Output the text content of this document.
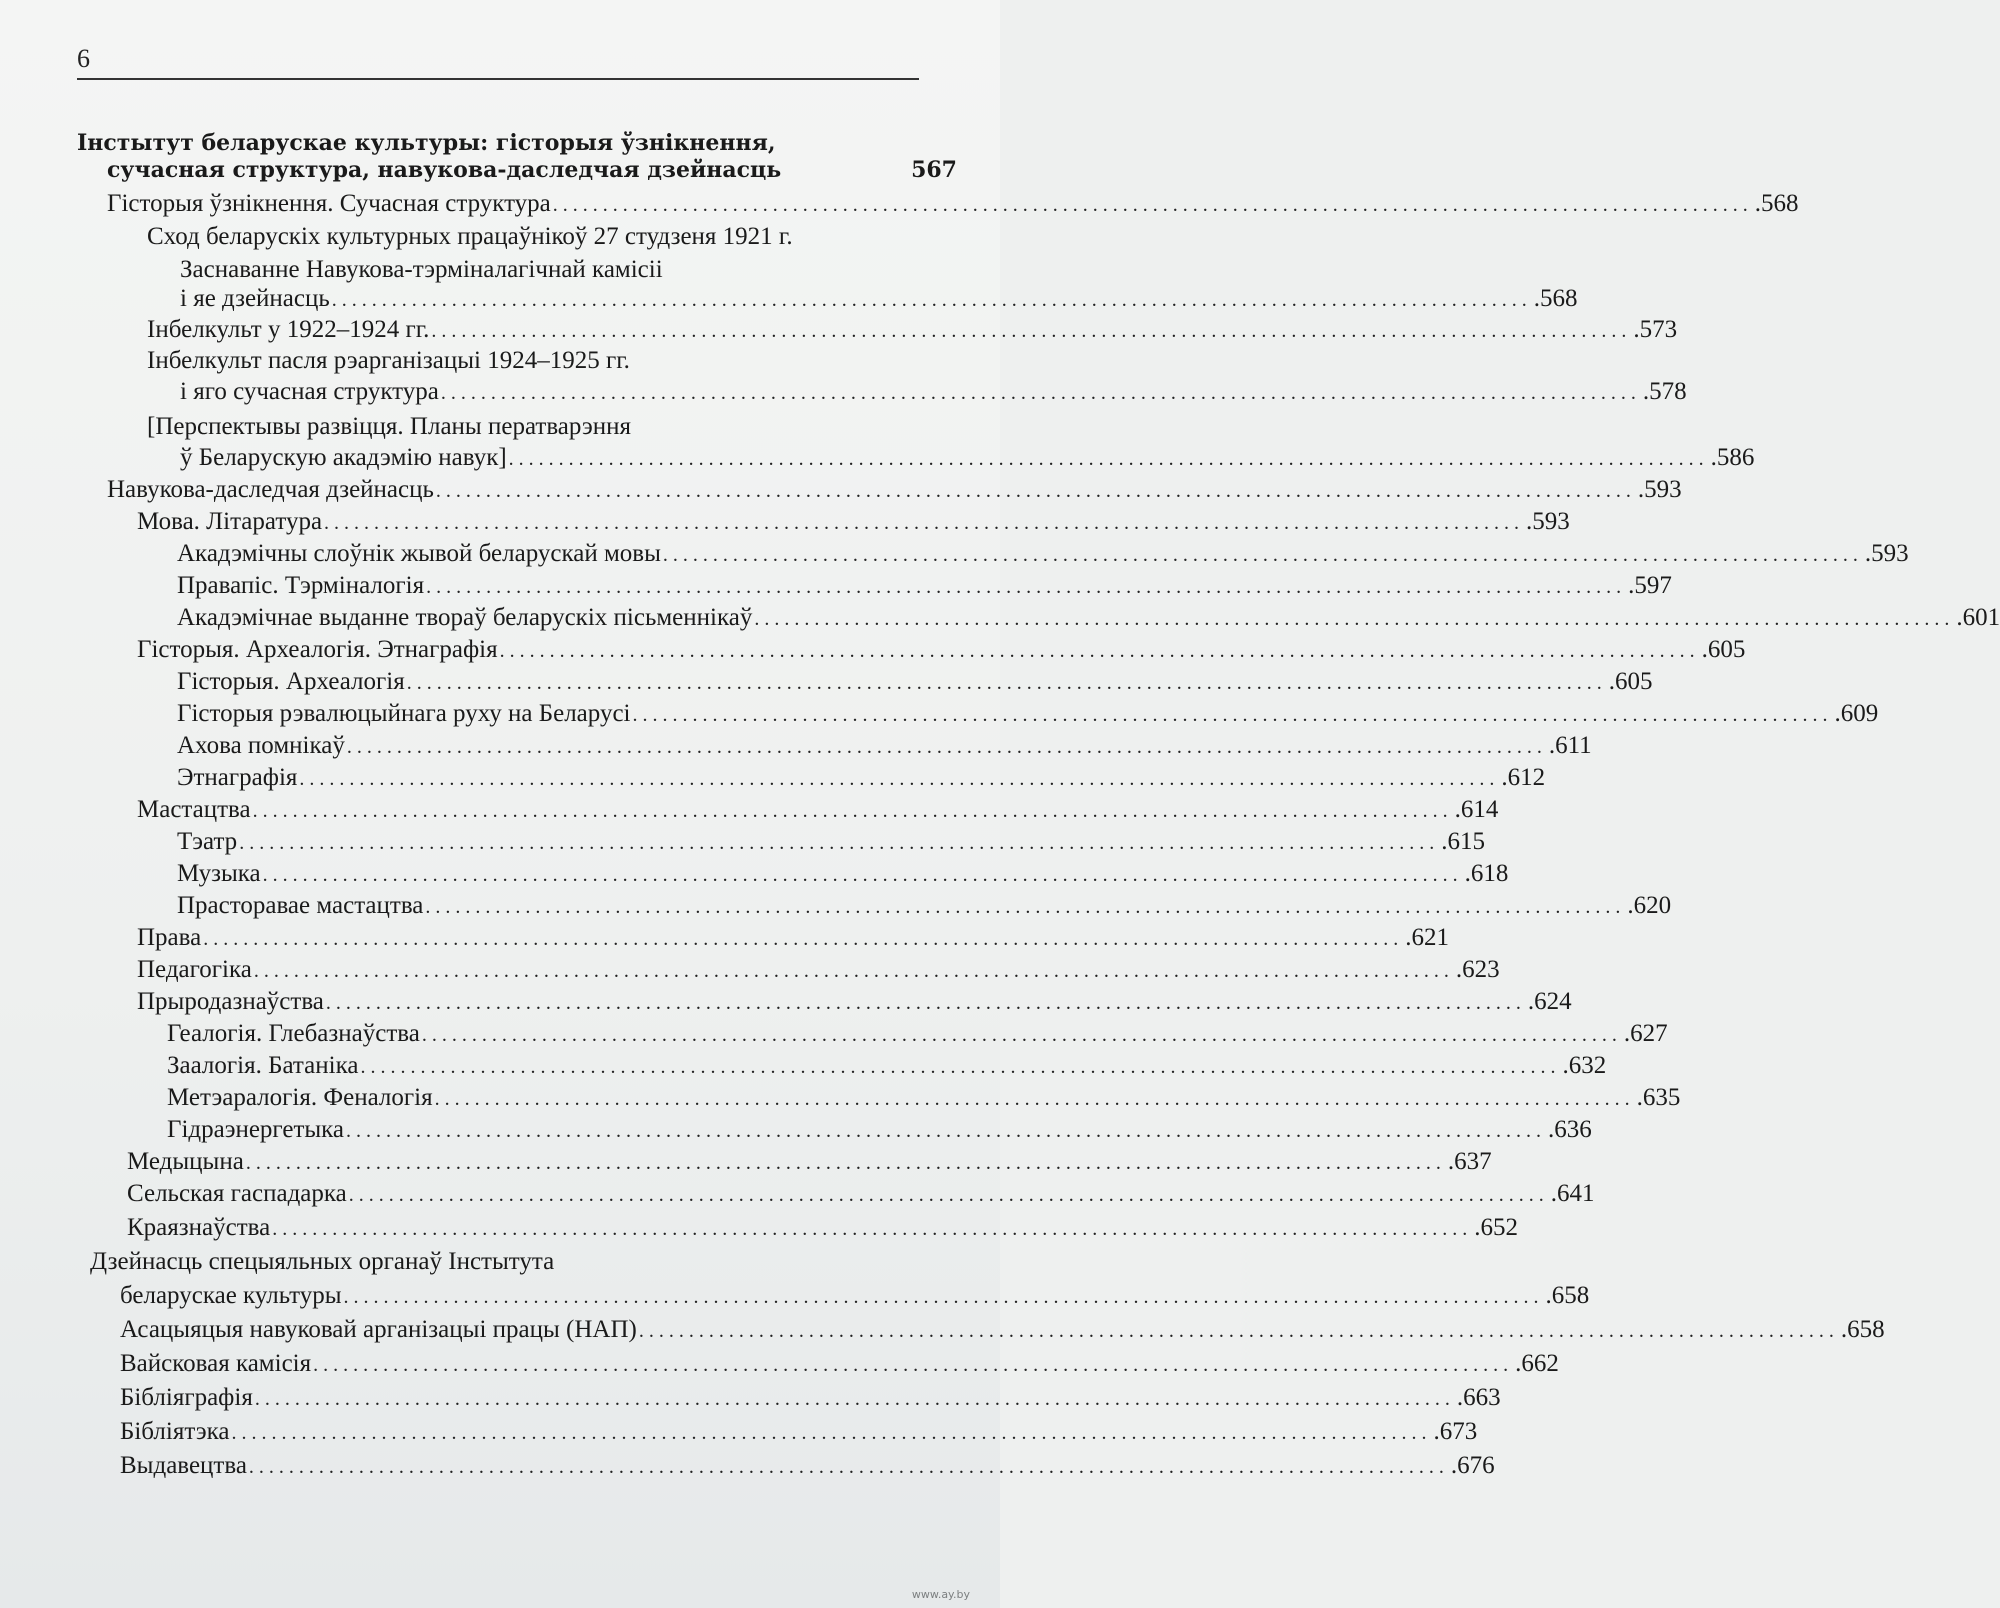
6
Інстытут беларускае культуры: гісторыя ўзнікнення,
сучасная структура, навукова-даследчая дзейнасць	567
Гісторыя ўзнікнення. Сучасная структура ........................................................................................................................ .568
Сход беларускіх культурных працаўнікоў 27 студзеня 1921 г.
Заснаванне Навукова-тэрміналагічнай камісіі
і яе дзейнасць ........................................................................................................................ .568
Інбелкульт у 1922–1924 гг. ........................................................................................................................ .573
Інбелкульт пасля рэарганізацыі 1924–1925 гг.
і яго сучасная структура ........................................................................................................................ .578
[Перспектывы развіцця. Планы ператварэння
ў Беларускую акадэмію навук] ........................................................................................................................ .586
Навукова-даследчая дзейнасць ........................................................................................................................ .593
Мова. Літаратура ........................................................................................................................ .593
Акадэмічны слоўнік жывой беларускай мовы ........................................................................................................................ .593
Правапіс. Тэрміналогія ........................................................................................................................ .597
Акадэмічнае выданне твораў беларускіх пісьменнікаў ........................................................................................................................ .601
Гісторыя. Археалогія. Этнаграфія ........................................................................................................................ .605
Гісторыя. Археалогія ........................................................................................................................ .605
Гісторыя рэвалюцыйнага руху на Беларусі ........................................................................................................................ .609
Ахова помнікаў ........................................................................................................................ .611
Этнаграфія ........................................................................................................................ .612
Мастацтва ........................................................................................................................ .614
Тэатр ........................................................................................................................ .615
Музыка ........................................................................................................................ .618
Прасторавае мастацтва ........................................................................................................................ .620
Права ........................................................................................................................ .621
Педагогіка ........................................................................................................................ .623
Прыродазнаўства ........................................................................................................................ .624
Геалогія. Глебазнаўства ........................................................................................................................ .627
Заалогія. Батаніка ........................................................................................................................ .632
Метэаралогія. Феналогія ........................................................................................................................ .635
Гідраэнергетыка ........................................................................................................................ .636
Медыцына ........................................................................................................................ .637
Сельская гаспадарка ........................................................................................................................ .641
Краязнаўства ........................................................................................................................ .652
Дзейнасць спецыяльных органаў Інстытута
беларускае культуры ........................................................................................................................ .658
Асацыяцыя навуковай арганізацыі працы (НАП) ........................................................................................................................ .658
Вайсковая камісія ........................................................................................................................ .662
Бібліяграфія ........................................................................................................................ .663
Бібліятэка ........................................................................................................................ .673
Выдавецтва ........................................................................................................................ .676
www.ay.by
